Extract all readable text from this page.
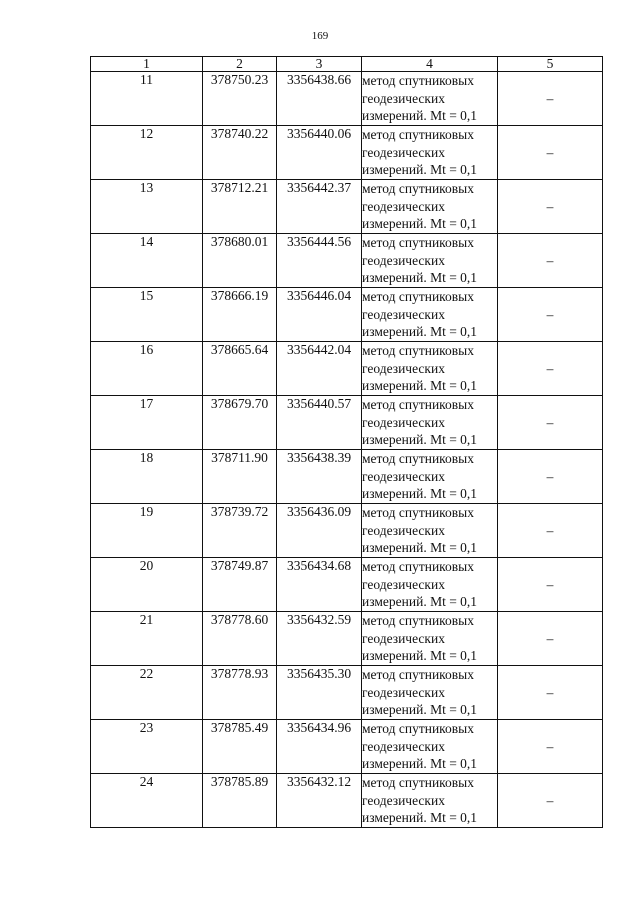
169
1	2	3	4	5
11	378750.23	3356438.66	метод спутниковых
геодезических
измерений. Mt = 0,1	–
12	378740.22	3356440.06	метод спутниковых
геодезических
измерений. Mt = 0,1	–
13	378712.21	3356442.37	метод спутниковых
геодезических
измерений. Mt = 0,1	–
14	378680.01	3356444.56	метод спутниковых
геодезических
измерений. Mt = 0,1	–
15	378666.19	3356446.04	метод спутниковых
геодезических
измерений. Mt = 0,1	–
16	378665.64	3356442.04	метод спутниковых
геодезических
измерений. Mt = 0,1	–
17	378679.70	3356440.57	метод спутниковых
геодезических
измерений. Mt = 0,1	–
18	378711.90	3356438.39	метод спутниковых
геодезических
измерений. Mt = 0,1	–
19	378739.72	3356436.09	метод спутниковых
геодезических
измерений. Mt = 0,1	–
20	378749.87	3356434.68	метод спутниковых
геодезических
измерений. Mt = 0,1	–
21	378778.60	3356432.59	метод спутниковых
геодезических
измерений. Mt = 0,1	–
22	378778.93	3356435.30	метод спутниковых
геодезических
измерений. Mt = 0,1	–
23	378785.49	3356434.96	метод спутниковых
геодезических
измерений. Mt = 0,1	–
24	378785.89	3356432.12	метод спутниковых
геодезических
измерений. Mt = 0,1	–
